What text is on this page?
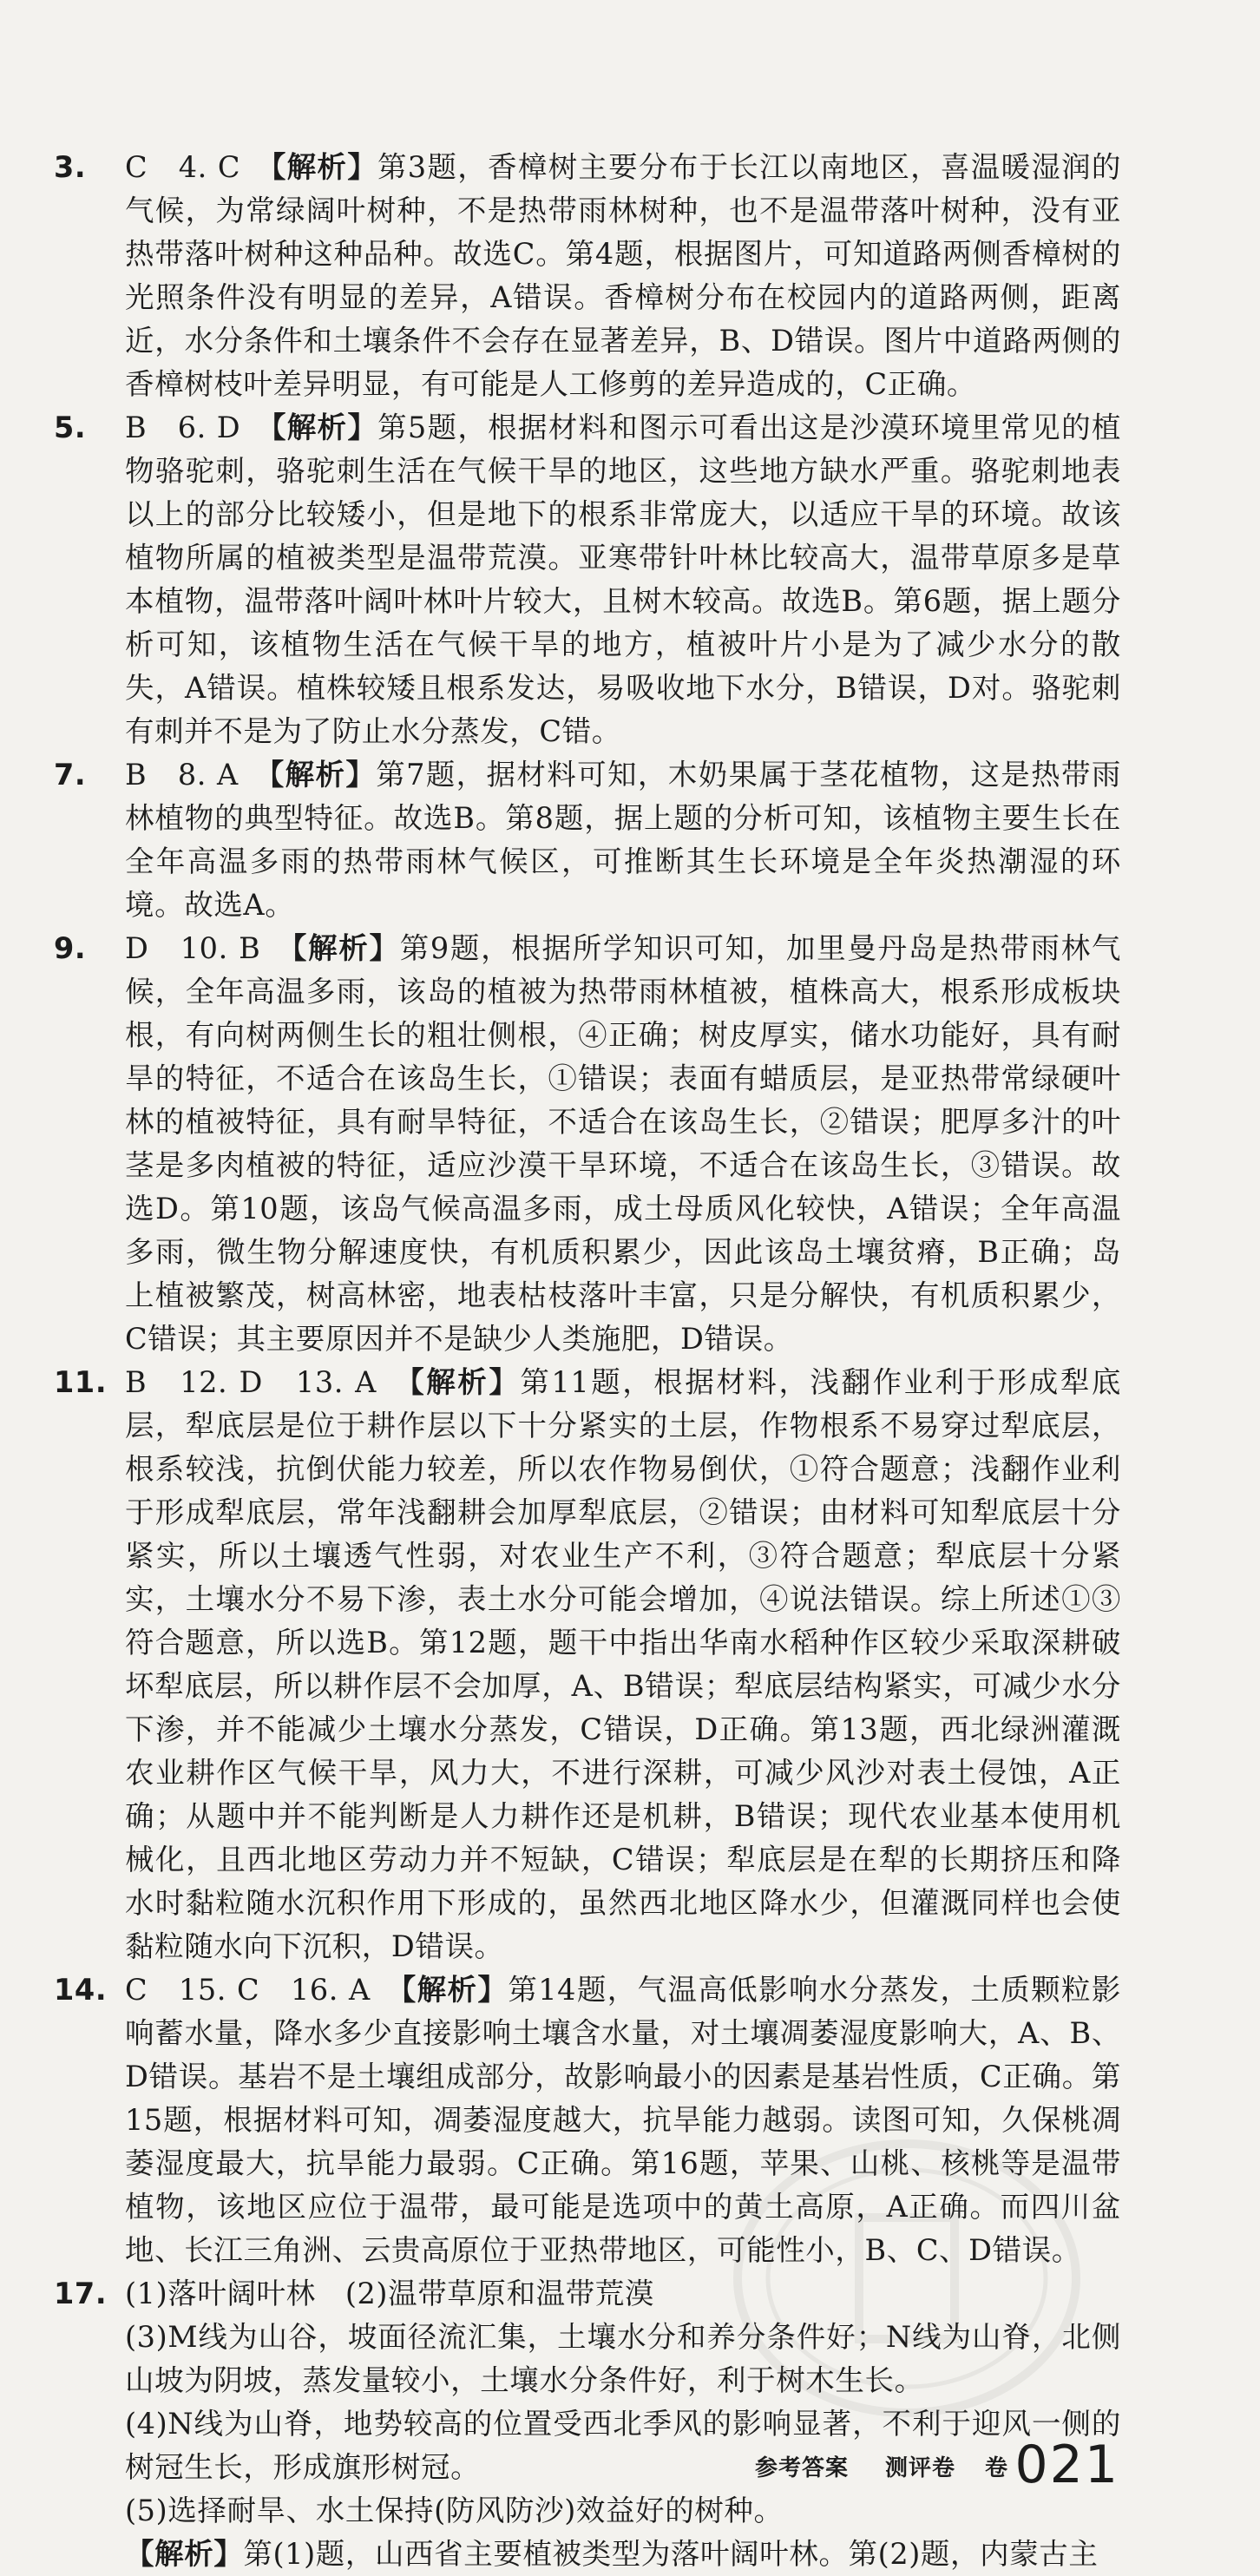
3. C　4. C　【解析】第3题，香樟树主要分布于长江以南地区，喜温暖湿润的气候，为常绿阔叶树种，不是热带雨林树种，也不是温带落叶树种，没有亚热带落叶树种这种品种。故选C。第4题，根据图片，可知道路两侧香樟树的光照条件没有明显的差异，A错误。香樟树分布在校园内的道路两侧，距离近，水分条件和土壤条件不会存在显著差异，B、D错误。图片中道路两侧的香樟树枝叶差异明显，有可能是人工修剪的差异造成的，C正确。
5. B　6. D　【解析】第5题，根据材料和图示可看出这是沙漠环境里常见的植物骆驼刺，骆驼刺生活在气候干旱的地区，这些地方缺水严重。骆驼刺地表以上的部分比较矮小，但是地下的根系非常庞大，以适应干旱的环境。故该植物所属的植被类型是温带荒漠。亚寒带针叶林比较高大，温带草原多是草本植物，温带落叶阔叶林叶片较大，且树木较高。故选B。第6题，据上题分析可知，该植物生活在气候干旱的地方，植被叶片小是为了减少水分的散失，A错误。植株较矮且根系发达，易吸收地下水分，B错误，D对。骆驼刺有刺并不是为了防止水分蒸发，C错。
7. B　8. A　【解析】第7题，据材料可知，木奶果属于茎花植物，这是热带雨林植物的典型特征。故选B。第8题，据上题的分析可知，该植物主要生长在全年高温多雨的热带雨林气候区，可推断其生长环境是全年炎热潮湿的环境。故选A。
9. D　10. B　【解析】第9题，根据所学知识可知，加里曼丹岛是热带雨林气候，全年高温多雨，该岛的植被为热带雨林植被，植株高大，根系形成板块根，有向树两侧生长的粗壮侧根，④正确；树皮厚实，储水功能好，具有耐旱的特征，不适合在该岛生长，①错误；表面有蜡质层，是亚热带常绿硬叶林的植被特征，具有耐旱特征，不适合在该岛生长，②错误；肥厚多汁的叶茎是多肉植被的特征，适应沙漠干旱环境，不适合在该岛生长，③错误。故选D。第10题，该岛气候高温多雨，成土母质风化较快，A错误；全年高温多雨，微生物分解速度快，有机质积累少，因此该岛土壤贫瘠，B正确；岛上植被繁茂，树高林密，地表枯枝落叶丰富，只是分解快，有机质积累少，C错误；其主要原因并不是缺少人类施肥，D错误。
11. B　12. D　13. A　【解析】第11题，根据材料，浅翻作业利于形成犁底层，犁底层是位于耕作层以下十分紧实的土层，作物根系不易穿过犁底层，根系较浅，抗倒伏能力较差，所以农作物易倒伏，①符合题意；浅翻作业利于形成犁底层，常年浅翻耕会加厚犁底层，②错误；由材料可知犁底层十分紧实，所以土壤透气性弱，对农业生产不利，③符合题意；犁底层十分紧实，土壤水分不易下渗，表土水分可能会增加，④说法错误。综上所述①③符合题意，所以选B。第12题，题干中指出华南水稻种作区较少采取深耕破坏犁底层，所以耕作层不会加厚，A、B错误；犁底层结构紧实，可减少水分下渗，并不能减少土壤水分蒸发，C错误，D正确。第13题，西北绿洲灌溉农业耕作区气候干旱，风力大，不进行深耕，可减少风沙对表土侵蚀，A正确；从题中并不能判断是人力耕作还是机耕，B错误；现代农业基本使用机械化，且西北地区劳动力并不短缺，C错误；犁底层是在犁的长期挤压和降水时黏粒随水沉积作用下形成的，虽然西北地区降水少，但灌溉同样也会使黏粒随水向下沉积，D错误。
14. C　15. C　16. A　【解析】第14题，气温高低影响水分蒸发，土质颗粒影响蓄水量，降水多少直接影响土壤含水量，对土壤凋萎湿度影响大，A、B、D错误。基岩不是土壤组成部分，故影响最小的因素是基岩性质，C正确。第15题，根据材料可知，凋萎湿度越大，抗旱能力越弱。读图可知，久保桃凋萎湿度最大，抗旱能力最弱。C正确。第16题，苹果、山桃、核桃等是温带植物，该地区应位于温带，最可能是选项中的黄土高原，A正确。而四川盆地、长江三角洲、云贵高原位于亚热带地区，可能性小，B、C、D错误。
17. (1)落叶阔叶林　(2)温带草原和温带荒漠
(3)M线为山谷，坡面径流汇集，土壤水分和养分条件好；N线为山脊，北侧山坡为阴坡，蒸发量较小，土壤水分条件好，利于树木生长。
(4)N线为山脊，地势较高的位置受西北季风的影响显著，不利于迎风一侧的树冠生长，形成旗形树冠。
(5)选择耐旱、水土保持(防风防沙)效益好的树种。
【解析】第(1)题，山西省主要植被类型为落叶阔叶林。第(2)题，内蒙古主
参考答案 测评卷 卷 021
